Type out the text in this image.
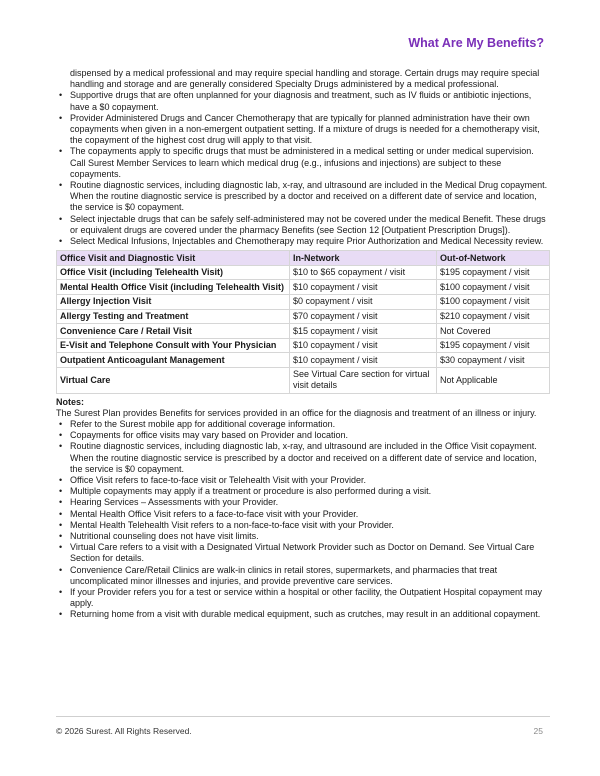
What Are My Benefits?

dispensed by a medical professional and may require special handling and storage. Certain drugs may require special handling and storage and are generally considered Specialty Drugs administered by a medical professional.

• Supportive drugs that are often unplanned for your diagnosis and treatment, such as IV fluids or antibiotic injections, have a $0 copayment.
• Provider Administered Drugs and Cancer Chemotherapy that are typically for planned administration have their own copayments when given in a non-emergent outpatient setting. If a mixture of drugs is needed for a chemotherapy visit, the copayment of the highest cost drug will apply to that visit.
• The copayments apply to specific drugs that must be administered in a medical setting or under medical supervision. Call Surest Member Services to learn which medical drug (e.g., infusions and injections) are subject to these copayments.
• Routine diagnostic services, including diagnostic lab, x-ray, and ultrasound are included in the Medical Drug copayment. When the routine diagnostic service is prescribed by a doctor and received on a different date of service and location, the service is $0 copayment.
• Select injectable drugs that can be safely self-administered may not be covered under the medical Benefit. These drugs or equivalent drugs are covered under the pharmacy Benefits (see Section 12 [Outpatient Prescription Drugs]).
• Select Medical Infusions, Injectables and Chemotherapy may require Prior Authorization and Medical Necessity review.
Office Visit and Diagnostic Visit	In-Network	Out-of-Network
Office Visit (including Telehealth Visit)	$10 to $65 copayment / visit	$195 copayment / visit
Mental Health Office Visit (including Telehealth Visit)	$10 copayment / visit	$100 copayment / visit
Allergy Injection Visit	$0 copayment / visit	$100 copayment / visit
Allergy Testing and Treatment	$70 copayment / visit	$210 copayment / visit
Convenience Care / Retail Visit	$15 copayment / visit	Not Covered
E-Visit and Telephone Consult with Your Physician	$10 copayment / visit	$195 copayment / visit
Outpatient Anticoagulant Management	$10 copayment / visit	$30 copayment / visit
Virtual Care	See Virtual Care section for virtual visit details	Not Applicable

Notes:

The Surest Plan provides Benefits for services provided in an office for the diagnosis and treatment of an illness or injury.

• Refer to the Surest mobile app for additional coverage information.
• Copayments for office visits may vary based on Provider and location.
• Routine diagnostic services, including diagnostic lab, x-ray, and ultrasound are included in the Office Visit copayment. When the routine diagnostic service is prescribed by a doctor and received on a different date of service and location, the service is $0 copayment.
• Office Visit refers to face-to-face visit or Telehealth Visit with your Provider.
• Multiple copayments may apply if a treatment or procedure is also performed during a visit.
• Hearing Services – Assessments with your Provider.
• Mental Health Office Visit refers to a face-to-face visit with your Provider.
• Mental Health Telehealth Visit refers to a non-face-to-face visit with your Provider.
• Nutritional counseling does not have visit limits.
• Virtual Care refers to a visit with a Designated Virtual Network Provider such as Doctor on Demand. See Virtual Care Section for details.
• Convenience Care/Retail Clinics are walk-in clinics in retail stores, supermarkets, and pharmacies that treat uncomplicated minor illnesses and injuries, and provide preventive care services.
• If your Provider refers you for a test or service within a hospital or other facility, the Outpatient Hospital copayment may apply.
• Returning home from a visit with durable medical equipment, such as crutches, may result in an additional copayment.
© 2026 Surest. All Rights Reserved.	25
